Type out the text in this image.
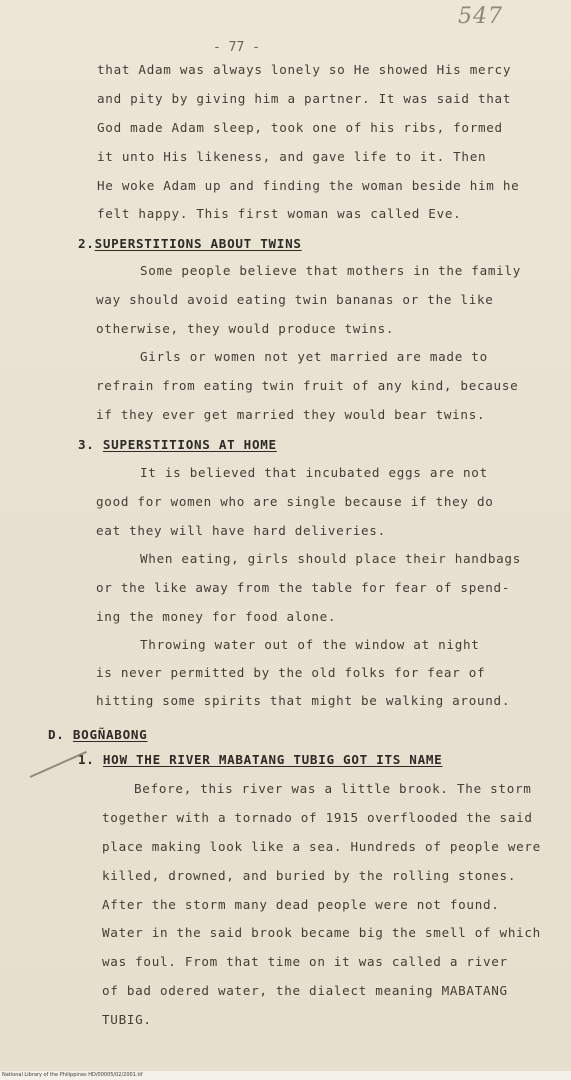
547
- 77 -
that Adam was always lonely so He showed His mercy
and pity by giving him a partner. It was said that
God made Adam sleep, took one of his ribs, formed
it unto His likeness, and gave life to it. Then
He woke Adam up and finding the woman beside him he
felt happy. This first woman was called Eve.
2.SUPERSTITIONS ABOUT TWINS
Some people believe that mothers in the family
way should avoid eating twin bananas or the like
otherwise, they would produce twins.
Girls or women not yet married are made to
refrain from eating twin fruit of any kind, because
if they ever get married they would bear twins.
3. SUPERSTITIONS AT HOME
It is believed that incubated eggs are not
good for women who are single because if they do
eat they will have hard deliveries.
When eating, girls should place their handbags
or the like away from the table for fear of spend-
ing the money for food alone.
Throwing water out of the window at night
is never permitted by the old folks for fear of
hitting some spirits that might be walking around.
D. BOGÑABONG
1. HOW THE RIVER MABATANG TUBIG GOT ITS NAME
Before, this river was a little brook. The storm
together with a tornado of 1915 overflooded the said
place making look like a sea. Hundreds of people were
killed, drowned, and buried by the rolling stones.
After the storm many dead people were not found.
Water in the said brook became big the smell of which
was foul. From that time on it was called a river
of bad odered water, the dialect meaning MABATANG
TUBIG.
National Library of the Philippines HD/00005/02/2001.tif
